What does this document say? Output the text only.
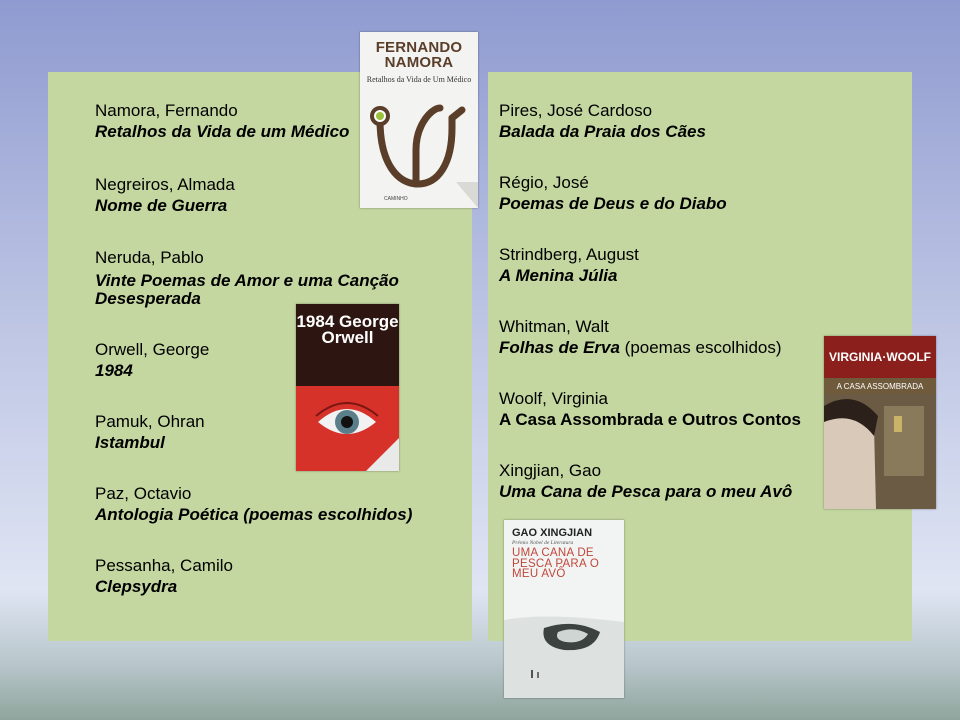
Namora, Fernando
Retalhos da Vida de um Médico
Negreiros, Almada
Nome de Guerra
Neruda, Pablo
Vinte Poemas de Amor e uma Canção Desesperada
Orwell, George
1984
Pamuk, Ohran
Istambul
Paz, Octavio
Antologia Poética (poemas escolhidos)
Pessanha, Camilo
Clepsydra
Pires, José Cardoso
Balada da Praia dos Cães
Régio, José
Poemas de Deus e do Diabo
Strindberg, August
A Menina Júlia
Whitman, Walt
Folhas de Erva (poemas escolhidos)
Woolf, Virginia
A Casa Assombrada e Outros Contos
Xingjian, Gao
Uma Cana de Pesca para o meu Avô
FERNANDO NAMORA
Retalhos da Vida de Um Médico
CAMINHO
1984 George Orwell
VIRGINIA·WOOLF
A CASA ASSOMBRADA
GAO XINGJIAN
Prémio Nobel de Literatura
UMA CANA DE PESCA PARA O MEU AVÔ
